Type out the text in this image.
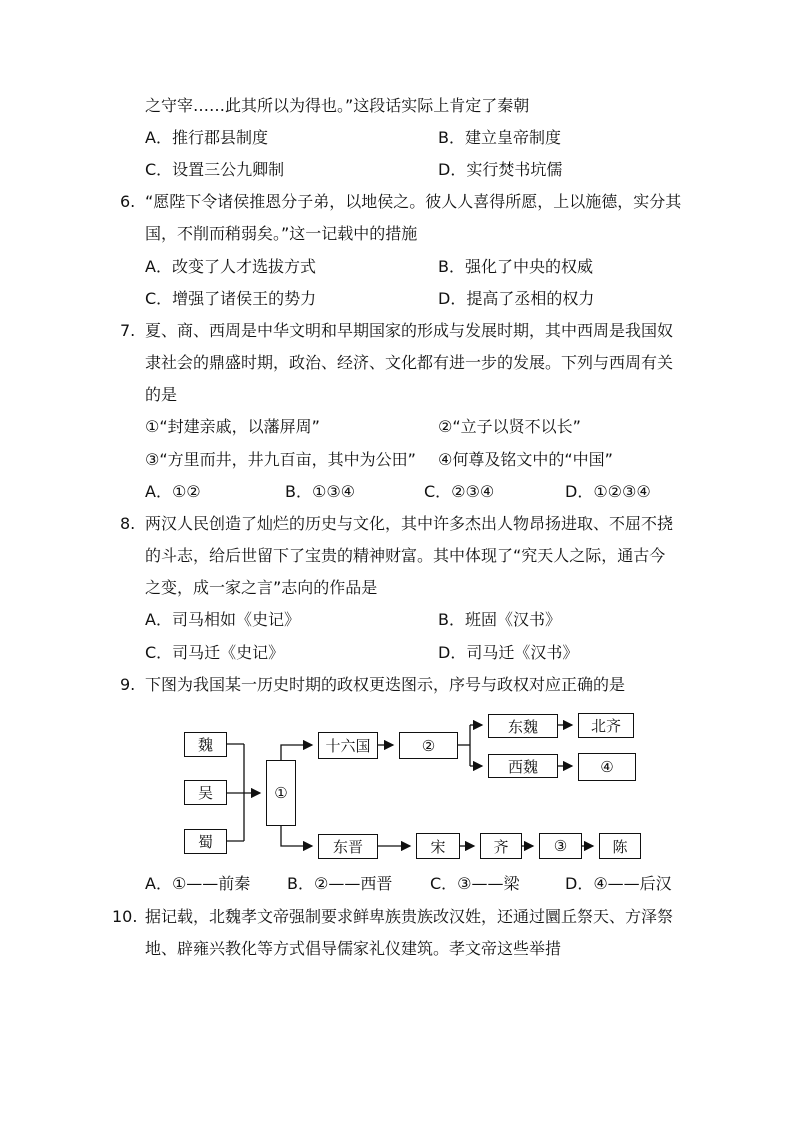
之守宰……此其所以为得也。”这段话实际上肯定了秦朝
A．推行郡县制度	B．建立皇帝制度
C．设置三公九卿制	D．实行焚书坑儒
6. “愿陛下令诸侯推恩分子弟，以地侯之。彼人人喜得所愿，上以施德，实分其
国，不削而稍弱矣。”这一记载中的措施
A．改变了人才选拔方式	B．强化了中央的权威
C．增强了诸侯王的势力	D．提高了丞相的权力
7. 夏、商、西周是中华文明和早期国家的形成与发展时期，其中西周是我国奴
隶社会的鼎盛时期，政治、经济、文化都有进一步的发展。下列与西周有关
的是
①“封建亲戚，以藩屏周”	②“立子以贤不以长”
③“方里而井，井九百亩，其中为公田” ④何尊及铭文中的“中国”
A．①②	B．①③④	C．②③④	D．①②③④
8. 两汉人民创造了灿烂的历史与文化，其中许多杰出人物昂扬进取、不屈不挠
的斗志，给后世留下了宝贵的精神财富。其中体现了“究天人之际，通古今
之变，成一家之言”志向的作品是
A．司马相如《史记》	B．班固《汉书》
C．司马迁《史记》	D．司马迁《汉书》
9. 下图为我国某一历史时期的政权更迭图示，序号与政权对应正确的是
魏
吴
蜀
①
十六国	②
东魏
西魏
北齐
④
东晋	宋	齐	③	陈
A．①——前秦 B．②——西晋 C．③——梁	D．④——后汉
10. 据记载，北魏孝文帝强制要求鲜卑族贵族改汉姓，还通过圜丘祭天、方泽祭
地、辟雍兴教化等方式倡导儒家礼仪建筑。孝文帝这些举措
